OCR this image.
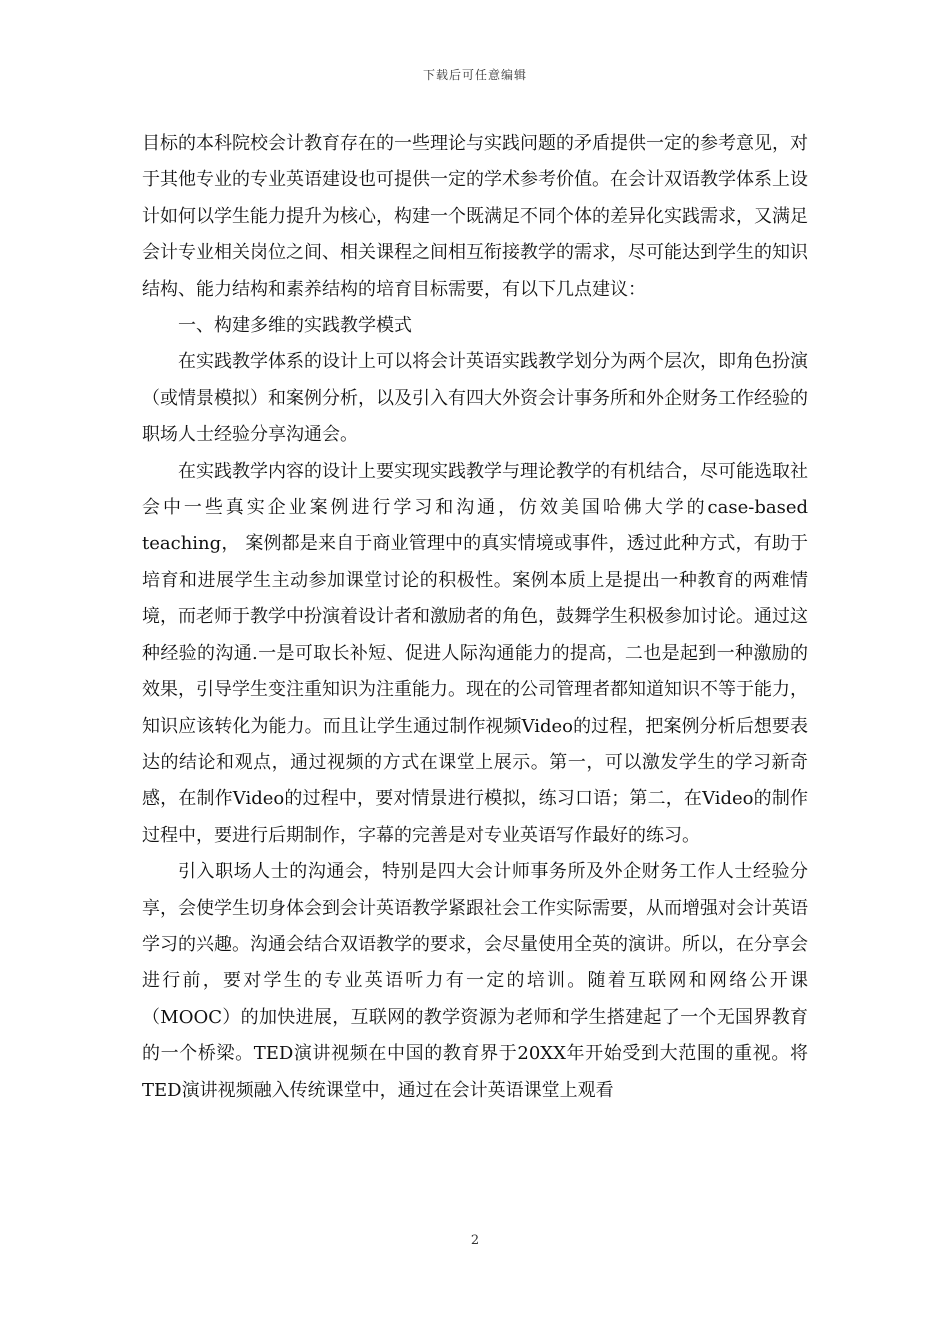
下载后可任意编辑

目标的本科院校会计教育存在的一些理论与实践问题的矛盾提供一定的参考意见，对于其他专业的专业英语建设也可提供一定的学术参考价值。在会计双语教学体系上设计如何以学生能力提升为核心，构建一个既满足不同个体的差异化实践需求，又满足会计专业相关岗位之间、相关课程之间相互衔接教学的需求，尽可能达到学生的知识结构、能力结构和素养结构的培育目标需要，有以下几点建议：

一、构建多维的实践教学模式

在实践教学体系的设计上可以将会计英语实践教学划分为两个层次，即角色扮演（或情景模拟）和案例分析，以及引入有四大外资会计事务所和外企财务工作经验的职场人士经验分享沟通会。

在实践教学内容的设计上要实现实践教学与理论教学的有机结合，尽可能选取社会中一些真实企业案例进行学习和沟通，仿效美国哈佛大学的case-based teaching， 案例都是来自于商业管理中的真实情境或事件，透过此种方式，有助于培育和进展学生主动参加课堂讨论的积极性。案例本质上是提出一种教育的两难情境，而老师于教学中扮演着设计者和激励者的角色，鼓舞学生积极参加讨论。通过这种经验的沟通.一是可取长补短、促进人际沟通能力的提高，二也是起到一种激励的效果，引导学生变注重知识为注重能力。现在的公司管理者都知道知识不等于能力，知识应该转化为能力。而且让学生通过制作视频Video的过程，把案例分析后想要表达的结论和观点，通过视频的方式在课堂上展示。第一，可以激发学生的学习新奇感，在制作Video的过程中，要对情景进行模拟，练习口语；第二，在Video的制作过程中，要进行后期制作，字幕的完善是对专业英语写作最好的练习。

引入职场人士的沟通会，特别是四大会计师事务所及外企财务工作人士经验分享，会使学生切身体会到会计英语教学紧跟社会工作实际需要，从而增强对会计英语学习的兴趣。沟通会结合双语教学的要求，会尽量使用全英的演讲。所以，在分享会进行前，要对学生的专业英语听力有一定的培训。随着互联网和网络公开课（MOOC）的加快进展，互联网的教学资源为老师和学生搭建起了一个无国界教育的一个桥梁。TED演讲视频在中国的教育界于20XX年开始受到大范围的重视。将TED演讲视频融入传统课堂中，通过在会计英语课堂上观看

2
